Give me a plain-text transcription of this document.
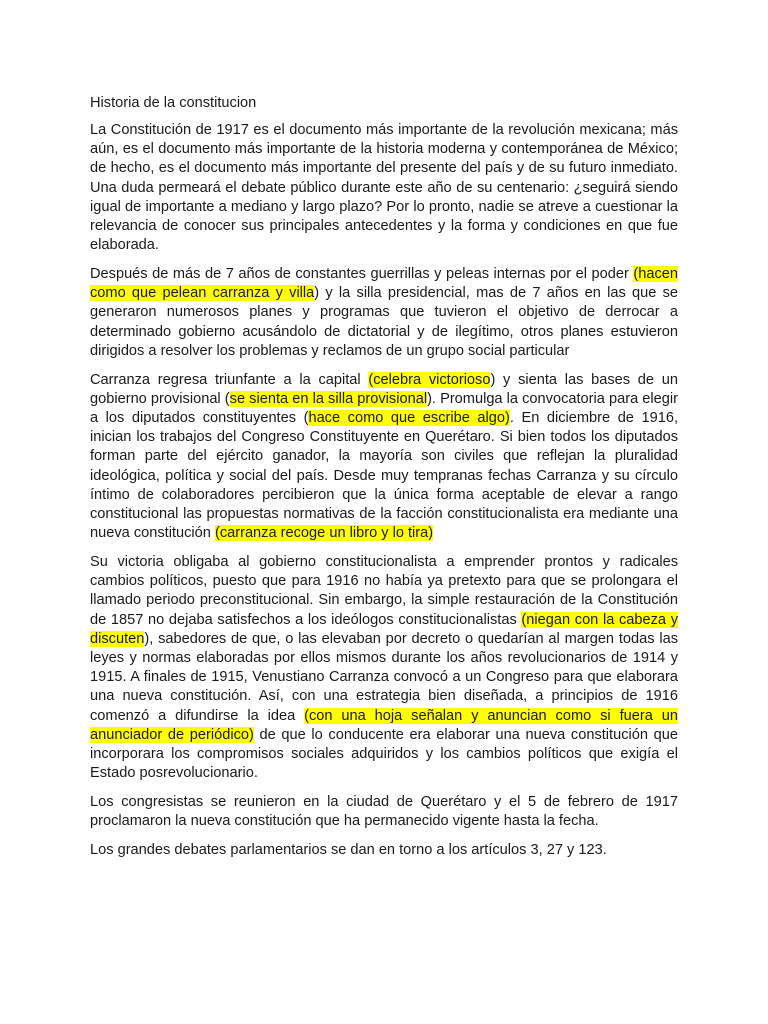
Historia de la constitucion

La Constitución de 1917 es el documento más importante de la revolución mexicana; más aún, es el documento más importante de la historia moderna y contemporánea de México; de hecho, es el documento más importante del presente del país y de su futuro inmediato. Una duda permeará el debate público durante este año de su centenario: ¿seguirá siendo igual de importante a mediano y largo plazo? Por lo pronto, nadie se atreve a cuestionar la relevancia de conocer sus principales antecedentes y la forma y condiciones en que fue elaborada.

Después de más de 7 años de constantes guerrillas y peleas internas por el poder (hacen como que pelean carranza y villa) y la silla presidencial, mas de 7 años en las que se generaron numerosos planes y programas que tuvieron el objetivo de derrocar a determinado gobierno acusándolo de dictatorial y de ilegítimo, otros planes estuvieron dirigidos a resolver los problemas y reclamos de un grupo social particular

Carranza regresa triunfante a la capital (celebra victorioso) y sienta las bases de un gobierno provisional (se sienta en la silla provisional). Promulga la convocatoria para elegir a los diputados constituyentes (hace como que escribe algo). En diciembre de 1916, inician los trabajos del Congreso Constituyente en Querétaro. Si bien todos los diputados forman parte del ejército ganador, la mayoría son civiles que reflejan la pluralidad ideológica, política y social del país. Desde muy tempranas fechas Carranza y su círculo íntimo de colaboradores percibieron que la única forma aceptable de elevar a rango constitucional las propuestas normativas de la facción constitucionalista era mediante una nueva constitución (carranza recoge un libro y lo tira)

Su victoria obligaba al gobierno constitucionalista a emprender prontos y radicales cambios políticos, puesto que para 1916 no había ya pretexto para que se prolongara el llamado periodo preconstitucional. Sin embargo, la simple restauración de la Constitución de 1857 no dejaba satisfechos a los ideólogos constitucionalistas (niegan con la cabeza y discuten), sabedores de que, o las elevaban por decreto o quedarían al margen todas las leyes y normas elaboradas por ellos mismos durante los años revolucionarios de 1914 y 1915. A finales de 1915, Venustiano Carranza convocó a un Congreso para que elaborara una nueva constitución. Así, con una estrategia bien diseñada, a principios de 1916 comenzó a difundirse la idea (con una hoja señalan y anuncian como si fuera un anunciador de periódico) de que lo conducente era elaborar una nueva constitución que incorporara los compromisos sociales adquiridos y los cambios políticos que exigía el Estado posrevolucionario.

Los congresistas se reunieron en la ciudad de Querétaro y el 5 de febrero de 1917 proclamaron la nueva constitución que ha permanecido vigente hasta la fecha.

Los grandes debates parlamentarios se dan en torno a los artículos 3, 27 y 123.
